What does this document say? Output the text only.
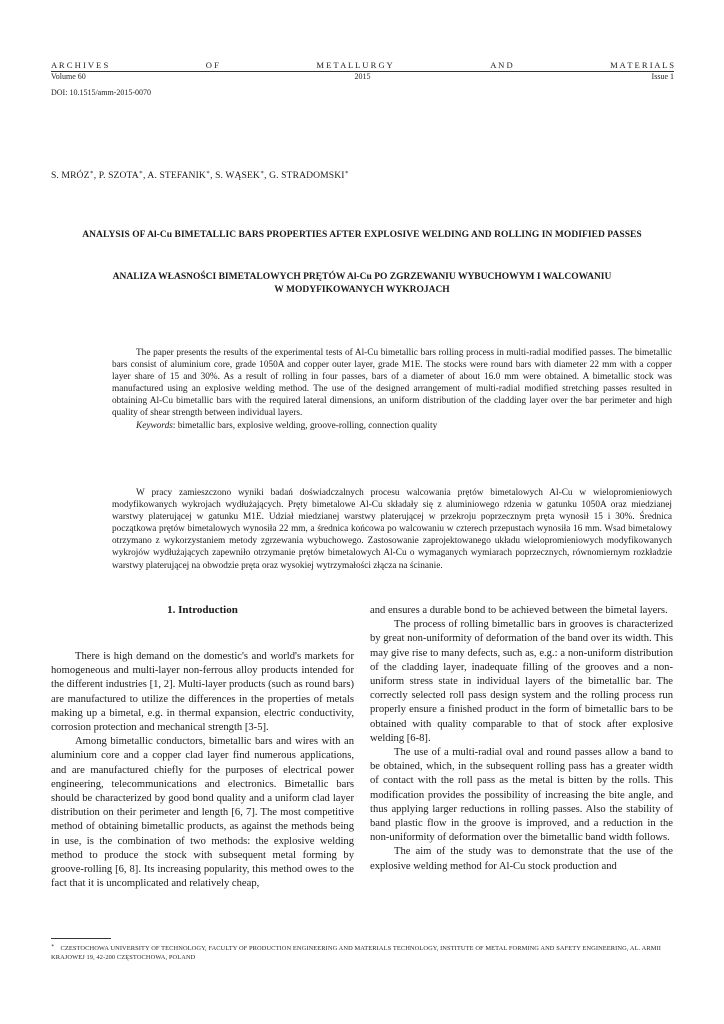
A R C H I V E S	O F	M E T A L L U R G Y	A N D	M A T E R I A L S
Volume 60	2015	Issue 1
DOI: 10.1515/amm-2015-0070
S. MRÓZ∗, P. SZOTA∗, A. STEFANIK∗, S. WĄSEK∗, G. STRADOMSKI∗
ANALYSIS OF Al-Cu BIMETALLIC BARS PROPERTIES AFTER EXPLOSIVE WELDING AND ROLLING IN MODIFIED PASSES
ANALIZA WŁASNOŚCI BIMETALOWYCH PRĘTÓW Al-Cu PO ZGRZEWANIU WYBUCHOWYM I WALCOWANIU
W MODYFIKOWANYCH WYKROJACH

The paper presents the results of the experimental tests of Al-Cu bimetallic bars rolling process in multi-radial modified passes. The bimetallic bars consist of aluminium core, grade 1050A and copper outer layer, grade M1E. The stocks were round bars with diameter 22 mm with a copper layer share of 15 and 30%. As a result of rolling in four passes, bars of a diameter of about 16.0 mm were obtained. A bimetallic stock was manufactured using an explosive welding method. The use of the designed arrangement of multi-radial modified stretching passes resulted in obtaining Al-Cu bimetallic bars with the required lateral dimensions, an uniform distribution of the cladding layer over the bar perimeter and high quality of shear strength between individual layers.

Keywords: bimetallic bars, explosive welding, groove-rolling, connection quality

W pracy zamieszczono wyniki badań doświadczalnych procesu walcowania prętów bimetalowych Al-Cu w wielopromieniowych modyfikowanych wykrojach wydłużających. Pręty bimetalowe Al-Cu składały się z aluminiowego rdzenia w gatunku 1050A oraz miedzianej warstwy platerującej w gatunku M1E. Udział miedzianej warstwy platerującej w przekroju poprzecznym pręta wynosił 15 i 30%. Średnica początkowa prętów bimetalowych wynosiła 22 mm, a średnica końcowa po walcowaniu w czterech przepustach wynosiła 16 mm. Wsad bimetalowy otrzymano z wykorzystaniem metody zgrzewania wybuchowego. Zastosowanie zaprojektowanego układu wielopromieniowych modyfikowanych wykrojów wydłużających zapewniło otrzymanie prętów bimetalowych Al-Cu o wymaganych wymiarach poprzecznych, równomiernym rozkładzie warstwy platerującej na obwodzie pręta oraz wysokiej wytrzymałości złącza na ścinanie.

1. Introduction

There is high demand on the domestic's and world's markets for homogeneous and multi-layer non-ferrous alloy products intended for the different industries [1, 2]. Multi-layer products (such as round bars) are manufactured to utilize the differences in the properties of metals making up a bimetal, e.g. in thermal expansion, electric conductivity, corrosion protection and mechanical strength [3-5].

Among bimetallic conductors, bimetallic bars and wires with an aluminium core and a copper clad layer find numerous applications, and are manufactured chiefly for the purposes of electrical power engineering, telecommunications and electronics. Bimetallic bars should be characterized by good bond quality and a uniform clad layer distribution on their perimeter and length [6, 7]. The most competitive method of obtaining bimetallic products, as against the methods being in use, is the combination of two methods: the explosive welding method to produce the stock with subsequent metal forming by groove-rolling [6, 8]. Its increasing popularity, this method owes to the fact that it is uncomplicated and relatively cheap,

and ensures a durable bond to be achieved between the bimetal layers.

The process of rolling bimetallic bars in grooves is characterized by great non-uniformity of deformation of the band over its width. This may give rise to many defects, such as, e.g.: a non-uniform distribution of the cladding layer, inadequate filling of the grooves and a non-uniform stress state in individual layers of the bimetallic bar. The correctly selected roll pass design system and the rolling process run properly ensure a finished product in the form of bimetallic bars to be obtained with quality comparable to that of stock after explosive welding [6-8].

The use of a multi-radial oval and round passes allow a band to be obtained, which, in the subsequent rolling pass has a greater width of contact with the roll pass as the metal is bitten by the rolls. This modification provides the possibility of increasing the bite angle, and thus applying larger reductions in rolling passes. Also the stability of band plastic flow in the groove is improved, and a reduction in the non-uniformity of deformation over the bimetallic band width follows.

The aim of the study was to demonstrate that the use of the explosive welding method for Al-Cu stock production and

∗ CZESTOCHOWA UNIVERSITY OF TECHNOLOGY, FACULTY OF PRODUCTION ENGINEERING AND MATERIALS TECHNOLOGY, INSTITUTE OF METAL FORMING AND SAFETY ENGINEERING, AL. ARMII KRAJOWEJ 19, 42-200 CZĘSTOCHOWA, POLAND
